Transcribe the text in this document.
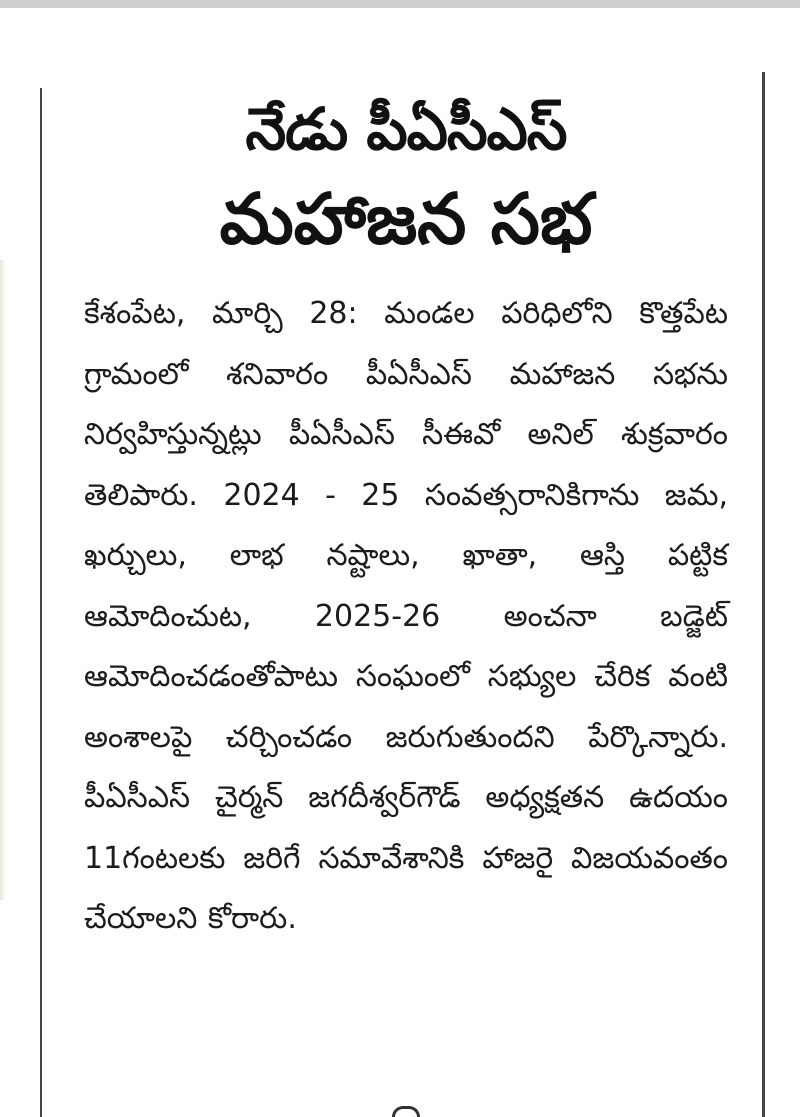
నేడు పీఏసీఎస్
మహాజన సభ
కేశంపేట, మార్చి 28: మండల పరిధిలోని కొత్తపేట గ్రామంలో శనివారం పీఏసీఎస్ మహాజన సభను నిర్వహిస్తున్నట్లు పీఏసీఎస్ సీఈవో అనిల్ శుక్రవారం తెలిపారు. 2024 - 25 సంవత్సరానికిగాను జమ, ఖర్చులు, లాభ నష్టాలు, ఖాతా, ఆస్తి పట్టిక ఆమోదించుట, 2025-26 అంచనా బడ్జెట్ ఆమోదించడంతోపాటు సంఘంలో సభ్యుల చేరిక వంటి అంశాలపై చర్చించడం జరుగుతుందని పేర్కొన్నారు. పీఏసీఎస్ చైర్మన్ జగదీశ్వర్‌గౌడ్ అధ్యక్షతన ఉదయం 11గంటలకు జరిగే సమావేశానికి హాజరై విజయవంతం చేయాలని కోరారు.
